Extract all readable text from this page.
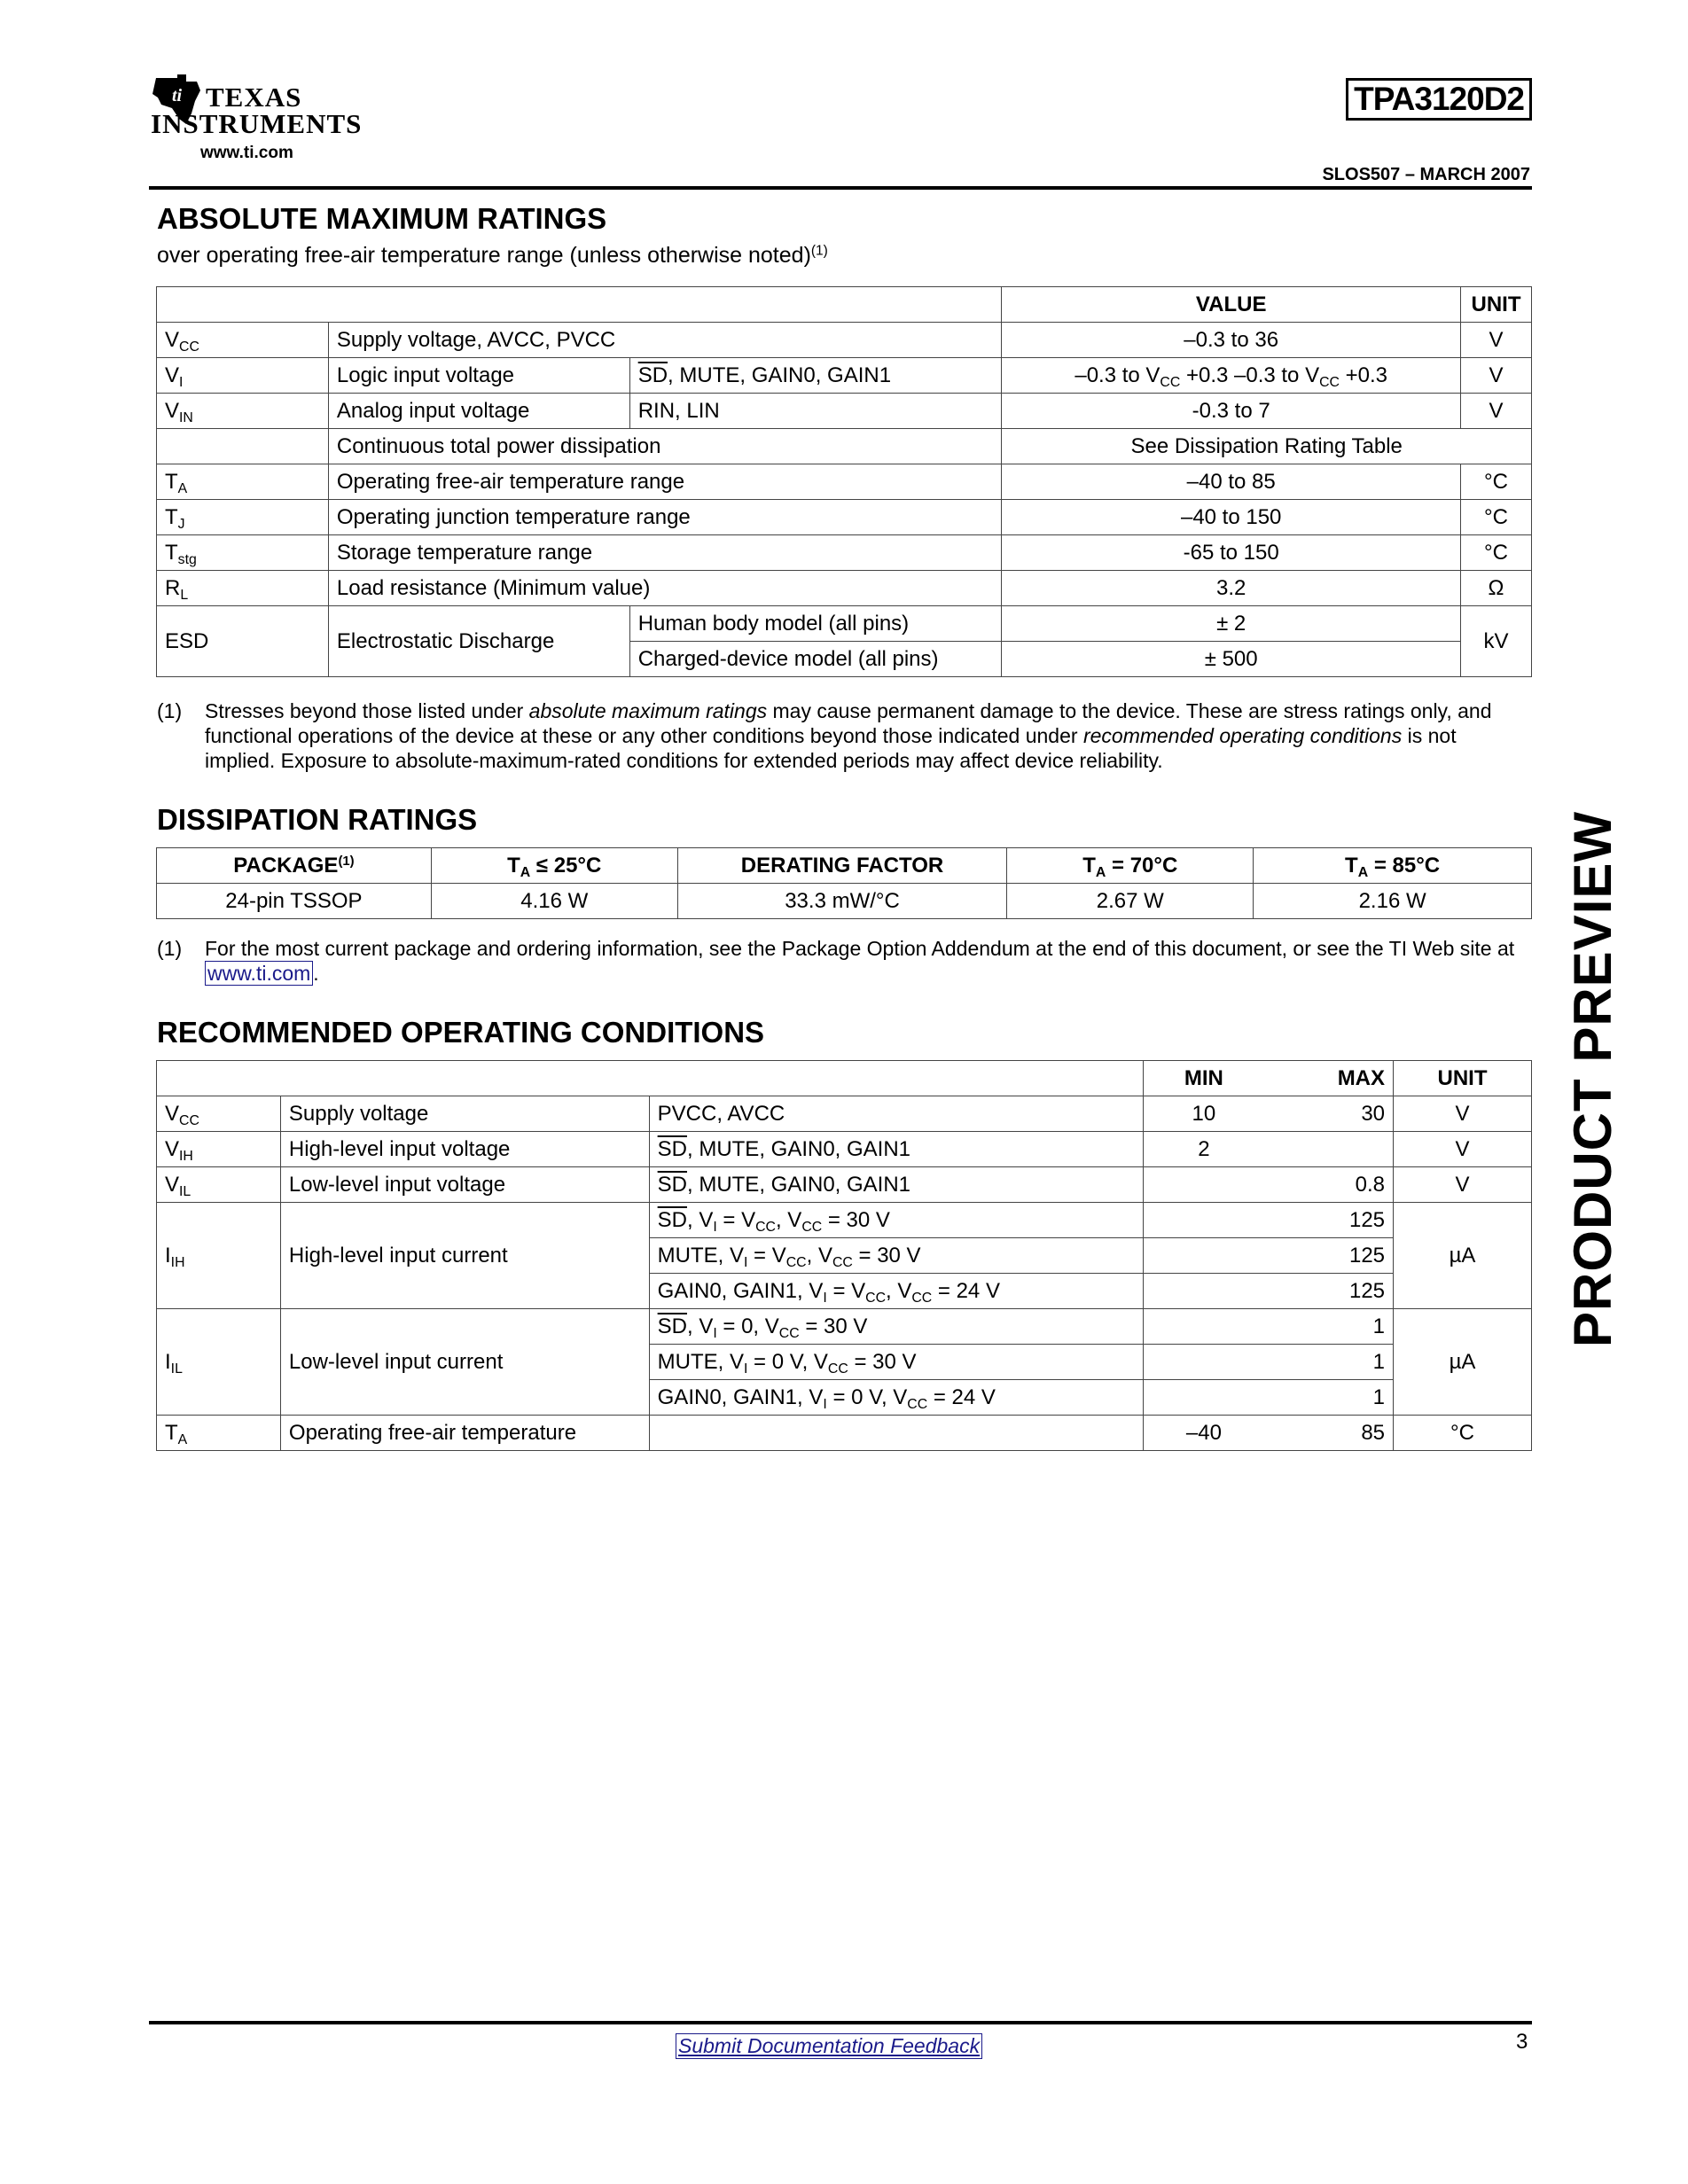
ti TEXAS
INSTRUMENTS
www.ti.com
TPA3120D2
SLOS507 – MARCH 2007
ABSOLUTE MAXIMUM RATINGS
over operating free-air temperature range (unless otherwise noted)$^{(1)}$
			VALUE	UNIT
$V_{CC}$	Supply voltage, AVCC, PVCC		–0.3 to 36	V
$V_I$	Logic input voltage	$\overline{SD}$, MUTE, GAIN0, GAIN1	–0.3 to $V_{CC} +0.3$ –0.3 to $V_{CC} +0.3$	V
$V_{IN}$	Analog input voltage	RIN, LIN	-0.3 to 7	V
	Continuous total power dissipation		See Dissipation Rating Table	
$T_A$	Operating free-air temperature range		–40 to 85	°C
$T_J$	Operating junction temperature range		–40 to 150	°C
$T_{stg}$	Storage temperature range		-65 to 150	°C
$R_L$	Load resistance (Minimum value)		3.2	Ω
ESD	Electrostatic Discharge	Human body model (all pins)	± 2	kV
		Charged-device model (all pins)	± 500	
(1) Stresses beyond those listed under absolute maximum ratings may cause permanent damage to the device. These are stress ratings only, and functional operations of the device at these or any other conditions beyond those indicated under recommended operating conditions is not implied. Exposure to absolute-maximum-rated conditions for extended periods may affect device reliability.
DISSIPATION RATINGS
PACKAGE$^{(1)}$	$T_A \le 25^\circ C$	DERATING FACTOR	$T_A = 70^\circ C$	$T_A = 85^\circ C$
24-pin TSSOP	4.16 W	33.3 mW/°C	2.67 W	2.16 W
(1) For the most current package and ordering information, see the Package Option Addendum at the end of this document, or see the TI Web site at www.ti.com .
RECOMMENDED OPERATING CONDITIONS
			MIN	MAX	UNIT
$V_{CC}$	Supply voltage	PVCC, AVCC	10	30	V
$V_{IH}$	High-level input voltage	$\overline{SD}$, MUTE, GAIN0, GAIN1	2		V
$V_{IL}$	Low-level input voltage	$\overline{SD}$, MUTE, GAIN0, GAIN1		0.8	V
$I_{IH}$	High-level input current	$\overline{SD}$, $V_I = V_{CC}$, $V_{CC} = 30$ V		125	µA
		MUTE, $V_I = V_{CC}$, $V_{CC} = 30$ V		125	
		GAIN0, GAIN1, $V_I = V_{CC}$, $V_{CC} = 24$ V		125	
$I_{IL}$	Low-level input current	$\overline{SD}$, $V_I = 0$, $V_{CC} = 30$ V		1	µA
		MUTE, $V_I = 0$ V, $V_{CC} = 30$ V		1	
		GAIN0, GAIN1, $V_I = 0$ V, $V_{CC} = 24$ V		1	
$T_A$	Operating free-air temperature		–40	85	°C
PRODUCT PREVIEW
Submit Documentation Feedback	3
